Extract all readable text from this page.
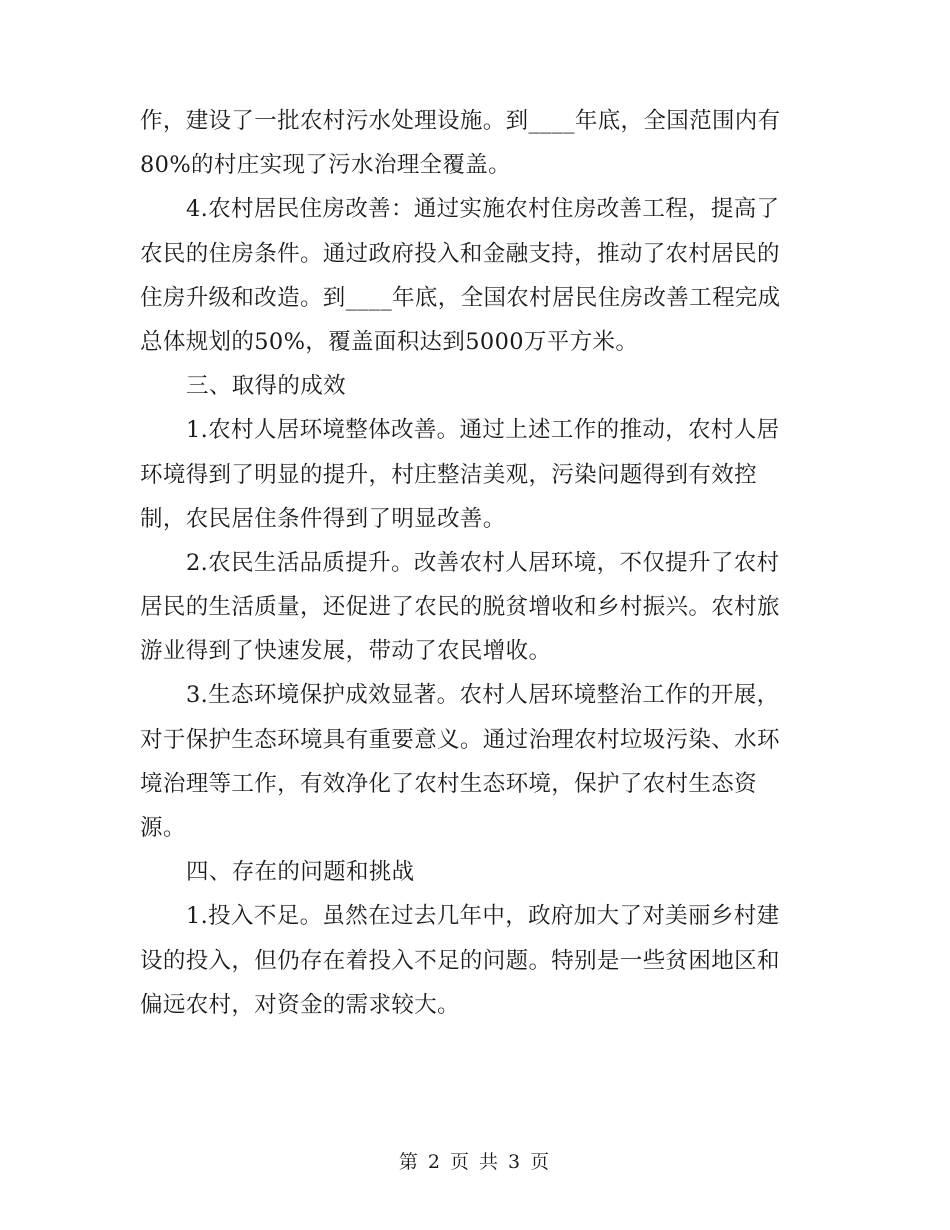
作，建设了一批农村污水处理设施。到____年底，全国范围内有
80%的村庄实现了污水治理全覆盖。
4.农村居民住房改善：通过实施农村住房改善工程，提高了
农民的住房条件。通过政府投入和金融支持，推动了农村居民的
住房升级和改造。到____年底，全国农村居民住房改善工程完成
总体规划的50%，覆盖面积达到5000万平方米。
三、取得的成效
1.农村人居环境整体改善。通过上述工作的推动，农村人居
环境得到了明显的提升，村庄整洁美观，污染问题得到有效控
制，农民居住条件得到了明显改善。
2.农民生活品质提升。改善农村人居环境，不仅提升了农村
居民的生活质量，还促进了农民的脱贫增收和乡村振兴。农村旅
游业得到了快速发展，带动了农民增收。
3.生态环境保护成效显著。农村人居环境整治工作的开展，
对于保护生态环境具有重要意义。通过治理农村垃圾污染、水环
境治理等工作，有效净化了农村生态环境，保护了农村生态资
源。
四、存在的问题和挑战
1.投入不足。虽然在过去几年中，政府加大了对美丽乡村建
设的投入，但仍存在着投入不足的问题。特别是一些贫困地区和
偏远农村，对资金的需求较大。
第 2 页 共 3 页
